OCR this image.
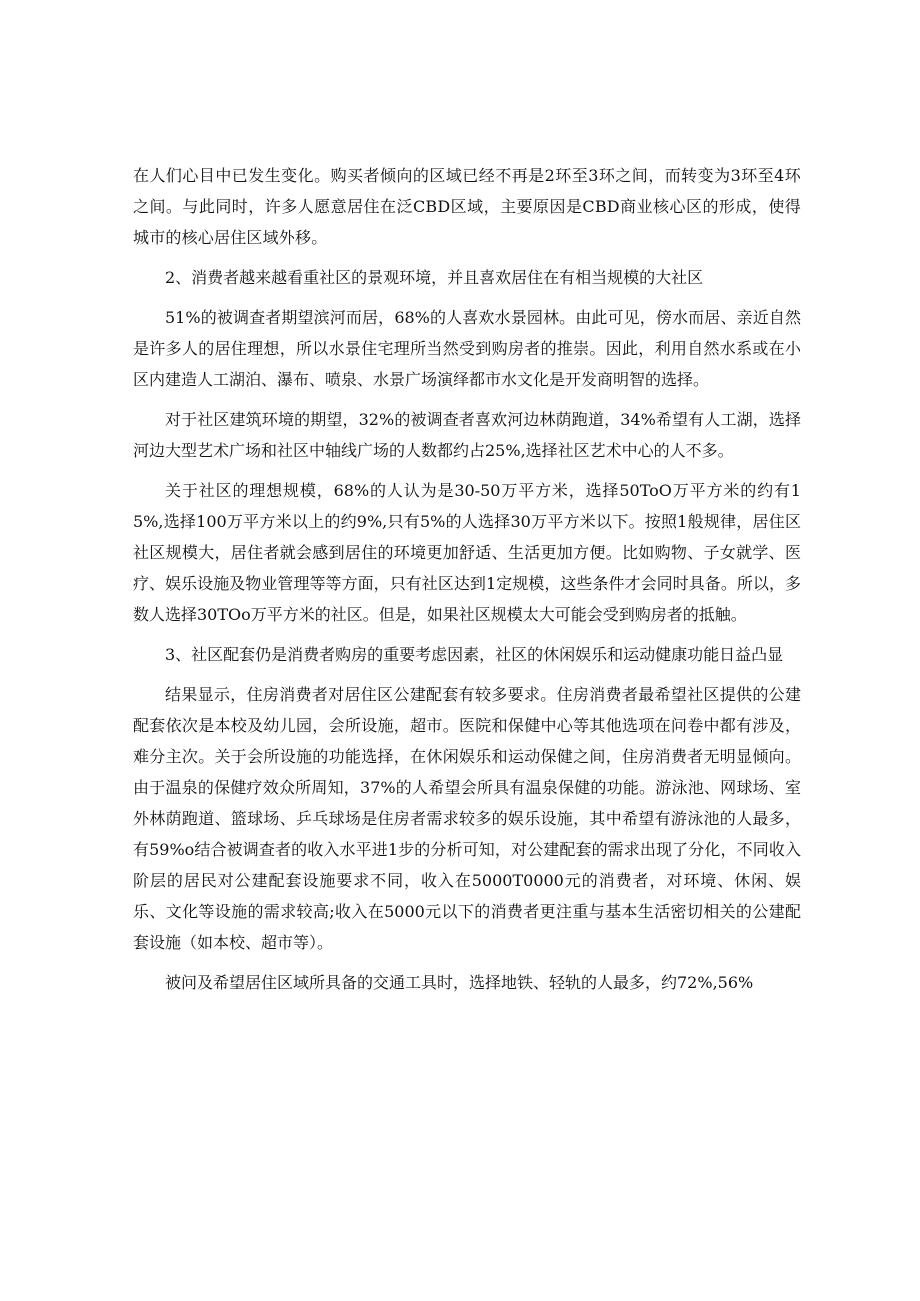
在人们心目中已发生变化。购买者倾向的区域已经不再是2环至3环之间，而转变为3环至4环之间。与此同时，许多人愿意居住在泛CBD区域，主要原因是CBD商业核心区的形成，使得城市的核心居住区域外移。

2、消费者越来越看重社区的景观环境，并且喜欢居住在有相当规模的大社区

51%的被调查者期望滨河而居，68%的人喜欢水景园林。由此可见，傍水而居、亲近自然是许多人的居住理想，所以水景住宅理所当然受到购房者的推崇。因此，利用自然水系或在小区内建造人工湖泊、瀑布、喷泉、水景广场演绎都市水文化是开发商明智的选择。

对于社区建筑环境的期望，32%的被调查者喜欢河边林荫跑道，34%希望有人工湖，选择河边大型艺术广场和社区中轴线广场的人数都约占25%,选择社区艺术中心的人不多。

关于社区的理想规模，68%的人认为是30-50万平方米，选择50ToO万平方米的约有15%,选择100万平方米以上的约9%,只有5%的人选择30万平方米以下。按照1般规律，居住区社区规模大，居住者就会感到居住的环境更加舒适、生活更加方便。比如购物、子女就学、医疗、娱乐设施及物业管理等等方面，只有社区达到1定规模，这些条件才会同时具备。所以，多数人选择30TOo万平方米的社区。但是，如果社区规模太大可能会受到购房者的抵触。

3、社区配套仍是消费者购房的重要考虑因素，社区的休闲娱乐和运动健康功能日益凸显

结果显示，住房消费者对居住区公建配套有较多要求。住房消费者最希望社区提供的公建配套依次是本校及幼儿园，会所设施，超市。医院和保健中心等其他选项在问卷中都有涉及，难分主次。关于会所设施的功能选择，在休闲娱乐和运动保健之间，住房消费者无明显倾向。由于温泉的保健疗效众所周知，37%的人希望会所具有温泉保健的功能。游泳池、网球场、室外林荫跑道、篮球场、乒乓球场是住房者需求较多的娱乐设施，其中希望有游泳池的人最多，有59%o结合被调查者的收入水平进1步的分析可知，对公建配套的需求出现了分化，不同收入阶层的居民对公建配套设施要求不同，收入在5000T0000元的消费者，对环境、休闲、娱乐、文化等设施的需求较高;收入在5000元以下的消费者更注重与基本生活密切相关的公建配套设施（如本校、超市等）。

被问及希望居住区域所具备的交通工具时，选择地铁、轻轨的人最多，约72%,56%
